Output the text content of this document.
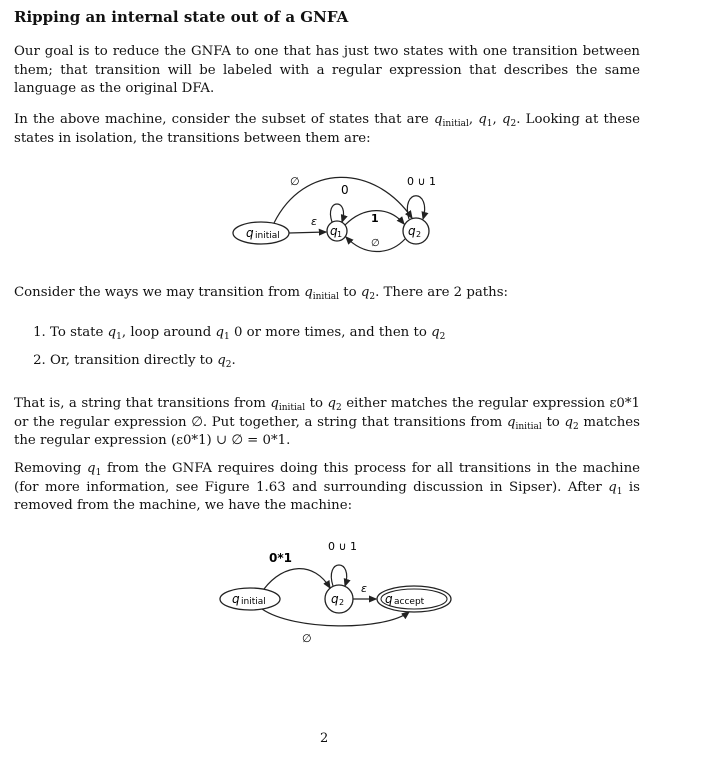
Ripping an internal state out of a GNFA

Our goal is to reduce the GNFA to one that has just two states with one transition between them; that transition will be labeled with a regular expression that describes the same language as the original DFA.

In the above machine, consider the subset of states that are $q_{initial}$, $q_1$, $q_2$. Looking at these states in isolation, the transitions between them are:

q initial	q 1	q 2
∅
ε
0
1
∅
0 ∪ 1

Consider the ways we may transition from $q_{initial}$ to $q_2$. There are 2 paths:

1. To state $q_1$, loop around $q_1$ 0 or more times, and then to $q_2$
2. Or, transition directly to $q_2$.

That is, a string that transitions from $q_{initial}$ to $q_2$ either matches the regular expression ε0*1 or the regular expression ∅. Put together, a string that transitions from $q_{initial}$ to $q_2$ matches the regular expression (ε0*1) ∪ ∅ = 0*1.

Removing $q_1$ from the GNFA requires doing this process for all transitions in the machine (for more information, see Figure 1.63 and surrounding discussion in Sipser). After $q_1$ is removed from the machine, we have the machine:

q initial	q 2	q accept
0*1
0 ∪ 1
ε
∅
2
